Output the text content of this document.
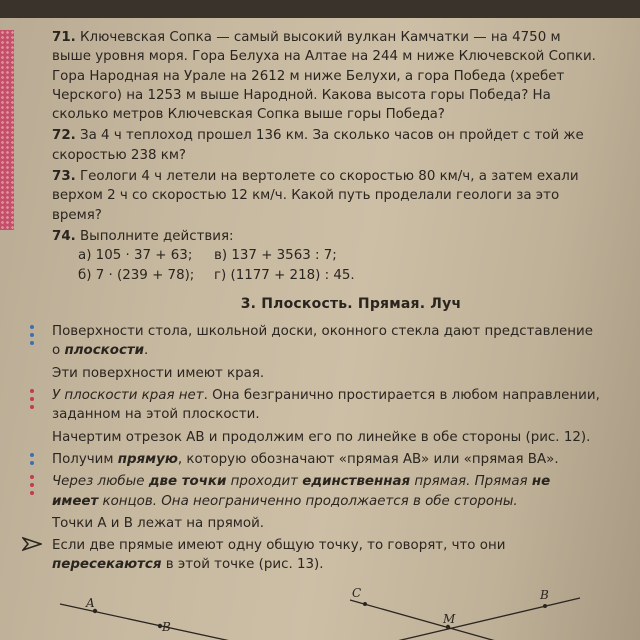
71. Ключевская Сопка — самый высокий вулкан Камчатки — на 4750 м выше уровня моря. Гора Белуха на Алтае на 244 м ниже Ключевской Сопки. Гора Народная на Урале на 2612 м ниже Белухи, а гора Победа (хребет Черского) на 1253 м выше Народной. Какова высота горы Победа? На сколько метров Ключевская Сопка выше горы Победа?

72. За 4 ч теплоход прошел 136 км. За сколько часов он пройдет с той же скоростью 238 км?

73. Геологи 4 ч летели на вертолете со скоростью 80 км/ч, а затем ехали верхом 2 ч со скоростью 12 км/ч. Какой путь проделали геологи за это время?

74. Выполните действия:

а) 105 · 37 + 63;	в) 137 + 3563 : 7;
б) 7 · (239 + 78);	г) (1177 + 218) : 45.
3. Плоскость. Прямая. Луч

Поверхности стола, школьной доски, оконного стекла дают представление о плоскости.

Эти поверхности имеют края.

У плоскости края нет. Она безгранично простирается в любом направлении, заданном на этой плоскости.

Начертим отрезок AB и продолжим его по линейке в обе стороны (рис. 12).

Получим прямую, которую обозначают «прямая AB» или «прямая BA».

Через любые две точки проходит единственная прямая. Прямая не имеет концов. Она неограниченно продолжается в обе стороны.

Точки A и B лежат на прямой.

Если две прямые имеют одну общую точку, то говорят, что они пересекаются в этой точке (рис. 13).

A
B
C
M
B
